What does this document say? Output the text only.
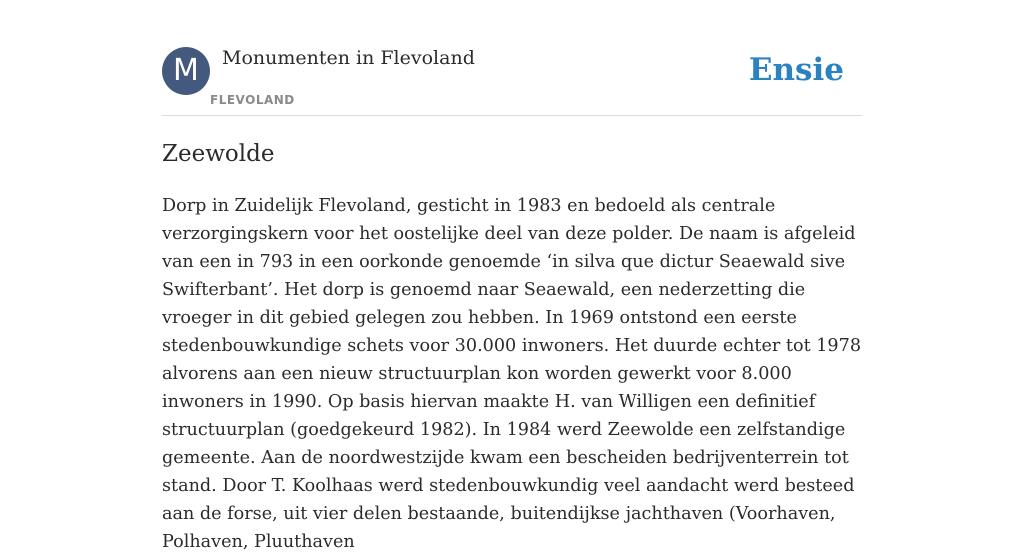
M	Monumenten in Flevoland
FLEVOLAND
Ensie
Zeewolde

Dorp in Zuidelijk Flevoland, gesticht in 1983 en bedoeld als centrale verzorgingskern voor het oostelijke deel van deze polder. De naam is afgeleid van een in 793 in een oorkonde genoemde ‘in silva que dictur Seaewald sive Swifterbant’. Het dorp is genoemd naar Seaewald, een nederzetting die vroeger in dit gebied gelegen zou hebben. In 1969 ontstond een eerste stedenbouwkundige schets voor 30.000 inwoners. Het duurde echter tot 1978 alvorens aan een nieuw structuurplan kon worden gewerkt voor 8.000 inwoners in 1990. Op basis hiervan maakte H. van Willigen een definitief structuurplan (goedgekeurd 1982). In 1984 werd Zeewolde een zelfstandige gemeente. Aan de noordwestzijde kwam een bescheiden bedrijventerrein tot stand. Door T. Koolhaas werd stedenbouwkundig veel aandacht werd besteed aan de forse, uit vier delen bestaande, buitendijkse jachthaven (Voorhaven, Polhaven, Pluuthaven
